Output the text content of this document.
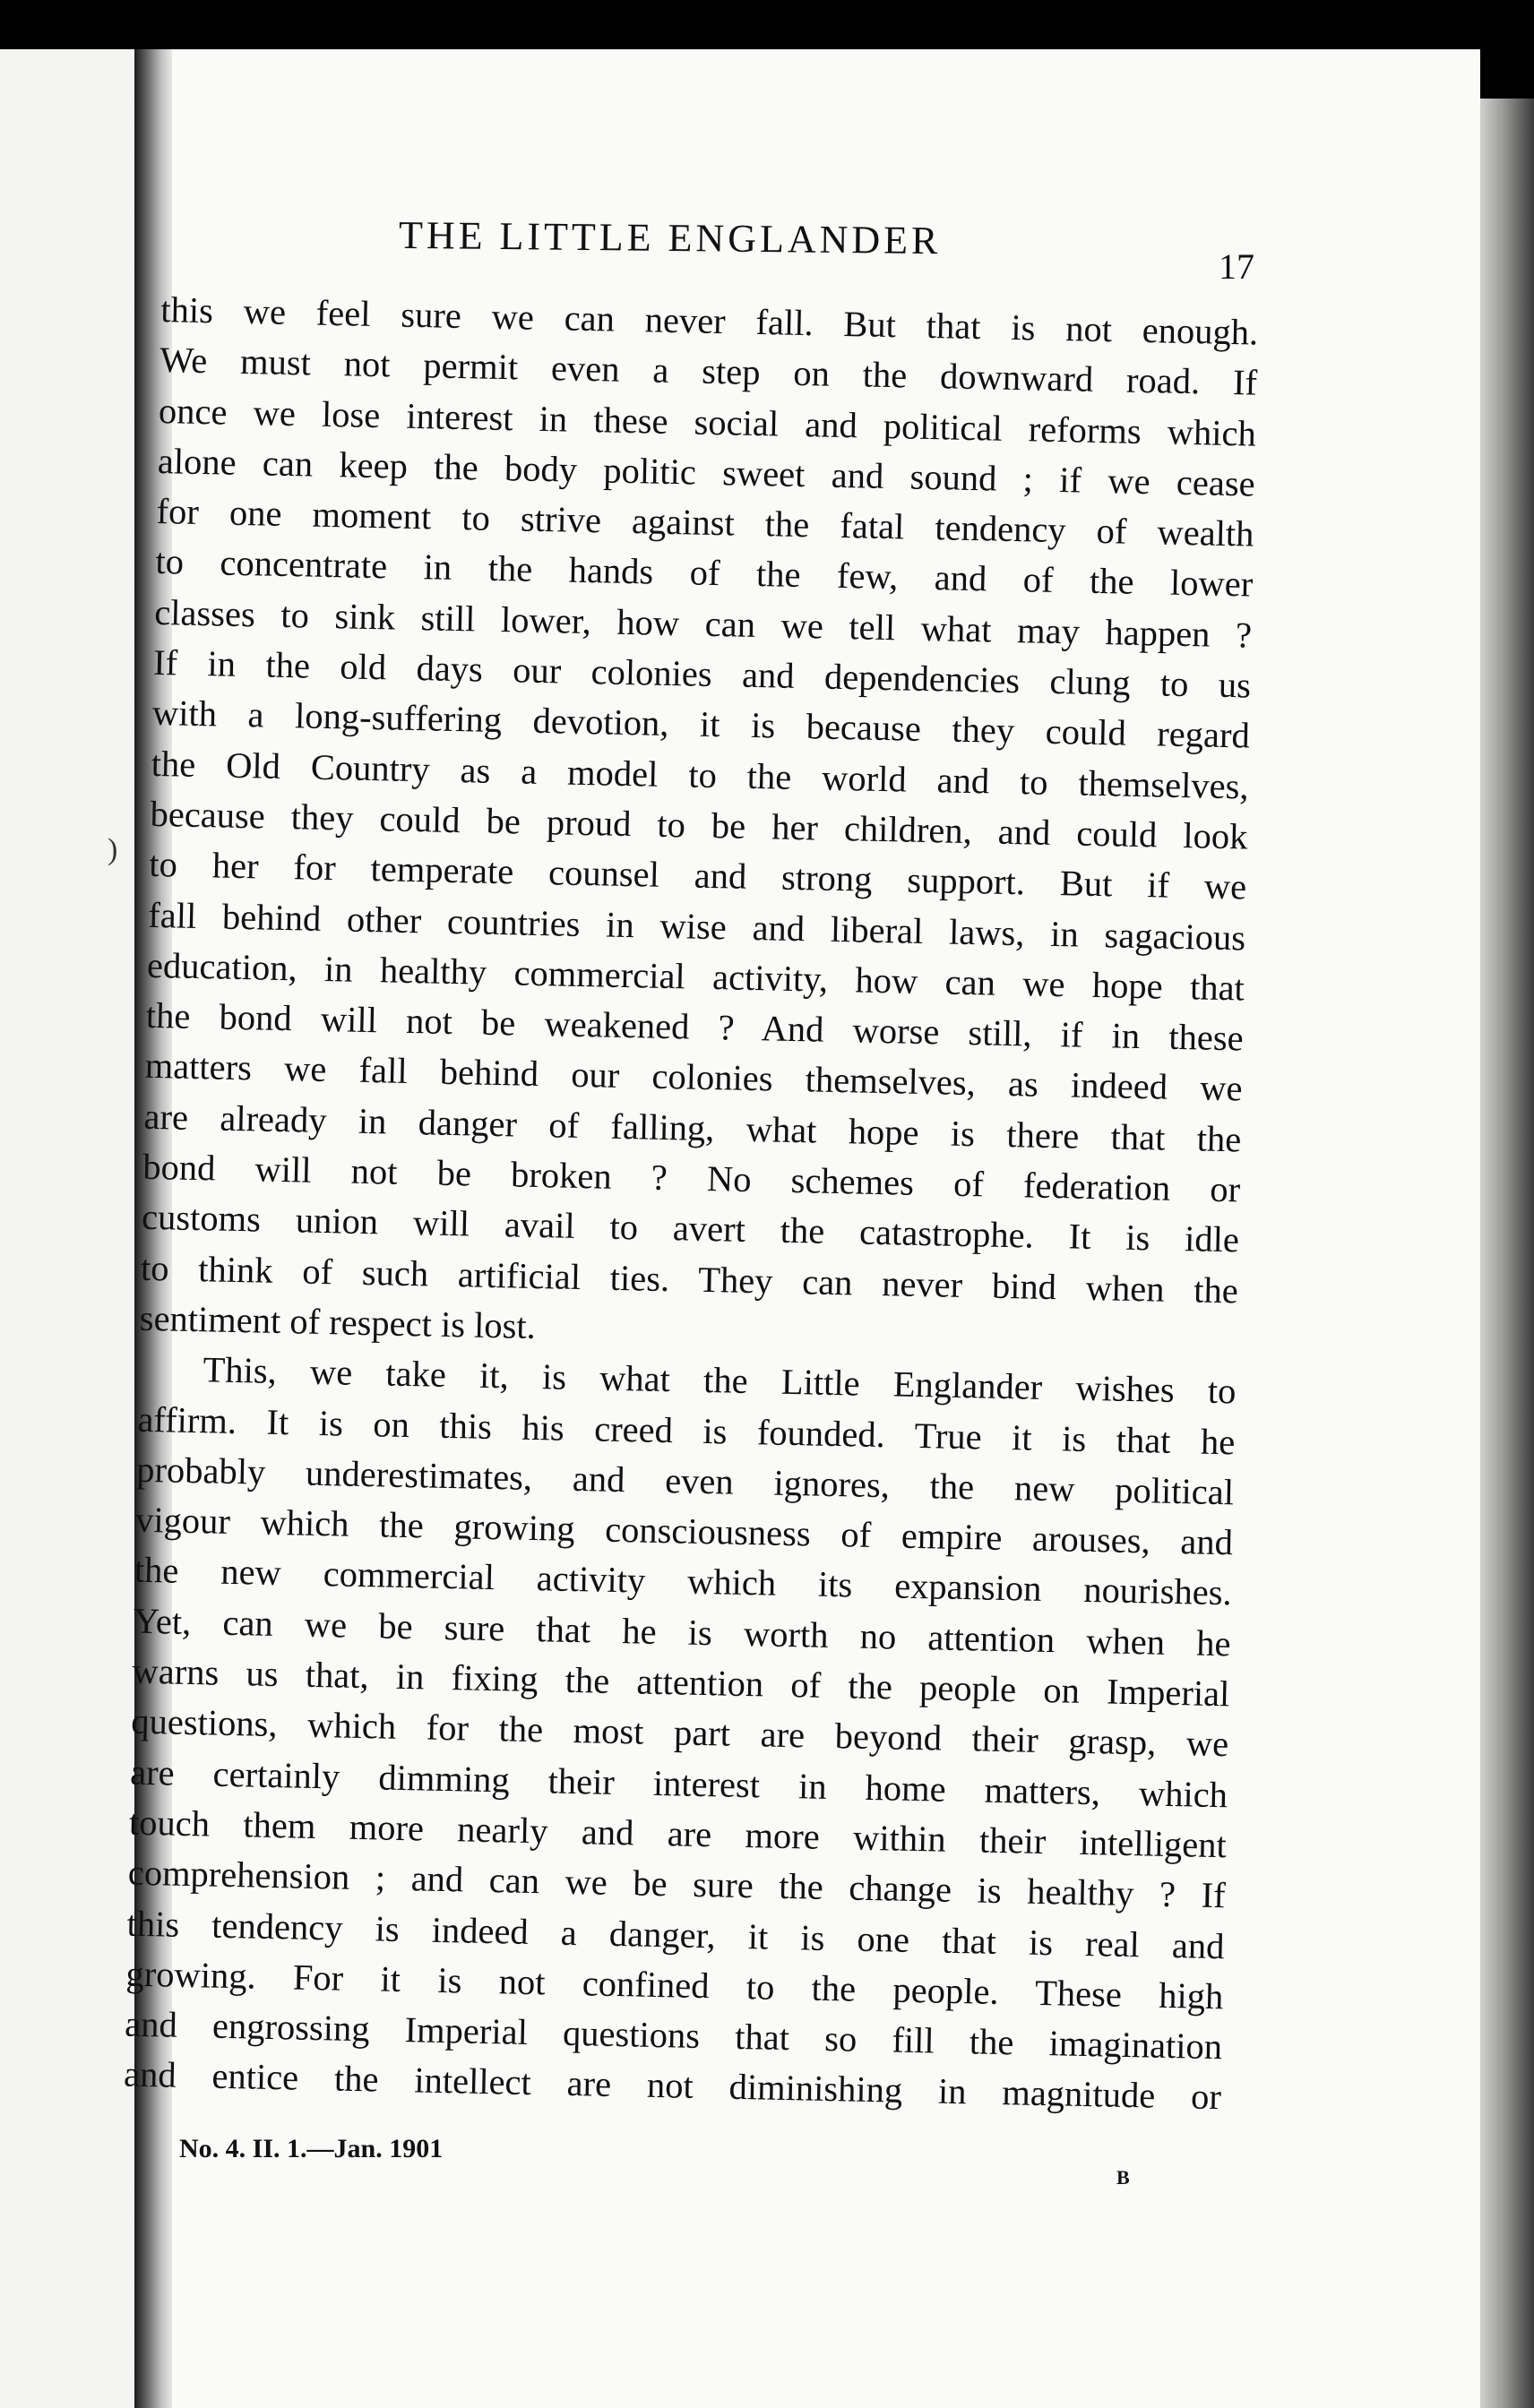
THE LITTLE ENGLANDER
17
this we feel sure we can never fall. But that is not enough.
We must not permit even a step on the downward road. If
once we lose interest in these social and political reforms which
alone can keep the body politic sweet and sound ; if we cease
for one moment to strive against the fatal tendency of wealth
to concentrate in the hands of the few, and of the lower
classes to sink still lower, how can we tell what may happen ?
If in the old days our colonies and dependencies clung to us
with a long-suffering devotion, it is because they could regard
the Old Country as a model to the world and to themselves,
because they could be proud to be her children, and could look
to her for temperate counsel and strong support. But if we
fall behind other countries in wise and liberal laws, in sagacious
education, in healthy commercial activity, how can we hope that
the bond will not be weakened ? And worse still, if in these
matters we fall behind our colonies themselves, as indeed we
are already in danger of falling, what hope is there that the
bond will not be broken ? No schemes of federation or
customs union will avail to avert the catastrophe. It is idle
to think of such artificial ties. They can never bind when the
sentiment of respect is lost.
This, we take it, is what the Little Englander wishes to
affirm. It is on this his creed is founded. True it is that he
probably underestimates, and even ignores, the new political
vigour which the growing consciousness of empire arouses, and
the new commercial activity which its expansion nourishes.
Yet, can we be sure that he is worth no attention when he
warns us that, in fixing the attention of the people on Imperial
questions, which for the most part are beyond their grasp, we
are certainly dimming their interest in home matters, which
touch them more nearly and are more within their intelligent
comprehension ; and can we be sure the change is healthy ? If
this tendency is indeed a danger, it is one that is real and
growing. For it is not confined to the people. These high
and engrossing Imperial questions that so fill the imagination
and entice the intellect are not diminishing in magnitude or
No. 4. II. 1.—Jan. 1901
B
)
